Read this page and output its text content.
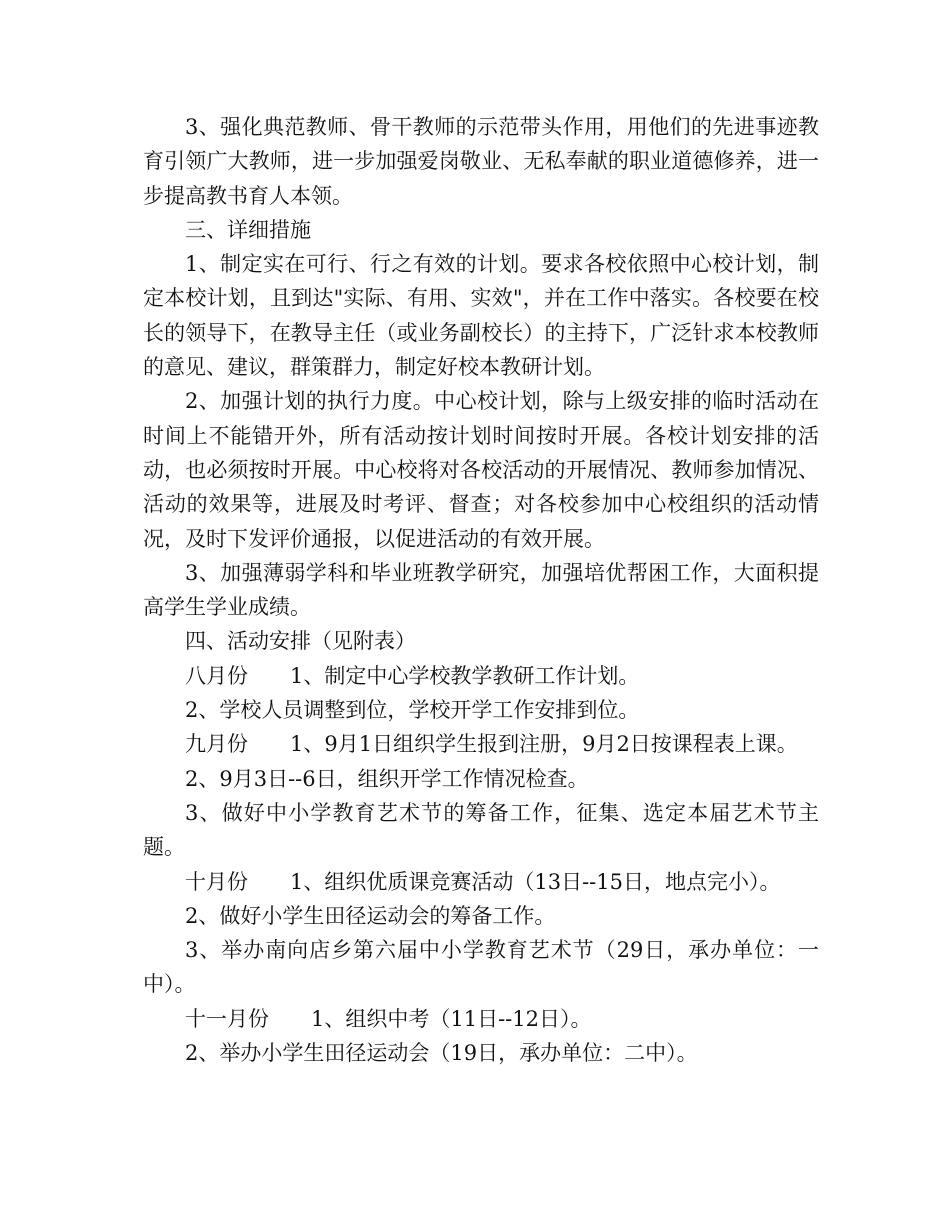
3、强化典范教师、骨干教师的示范带头作用，用他们的先进事迹教育引领广大教师，进一步加强爱岗敬业、无私奉献的职业道德修养，进一步提高教书育人本领。

三、详细措施

1、制定实在可行、行之有效的计划。要求各校依照中心校计划，制定本校计划，且到达"实际、有用、实效"，并在工作中落实。各校要在校长的领导下，在教导主任（或业务副校长）的主持下，广泛针求本校教师的意见、建议，群策群力，制定好校本教研计划。

2、加强计划的执行力度。中心校计划，除与上级安排的临时活动在时间上不能错开外，所有活动按计划时间按时开展。各校计划安排的活动，也必须按时开展。中心校将对各校活动的开展情况、教师参加情况、活动的效果等，进展及时考评、督查；对各校参加中心校组织的活动情况，及时下发评价通报，以促进活动的有效开展。

3、加强薄弱学科和毕业班教学研究，加强培优帮困工作，大面积提高学生学业成绩。

四、活动安排（见附表）

八月份　　1、制定中心学校教学教研工作计划。

2、学校人员调整到位，学校开学工作安排到位。

九月份　　1、9月1日组织学生报到注册，9月2日按课程表上课。

2、9月3日--6日，组织开学工作情况检查。

3、做好中小学教育艺术节的筹备工作，征集、选定本届艺术节主题。

十月份　　1、组织优质课竞赛活动（13日--15日，地点完小）。

2、做好小学生田径运动会的筹备工作。

3、举办南向店乡第六届中小学教育艺术节（29日，承办单位：一中）。

十一月份　　1、组织中考（11日--12日）。

2、举办小学生田径运动会（19日，承办单位：二中）。
